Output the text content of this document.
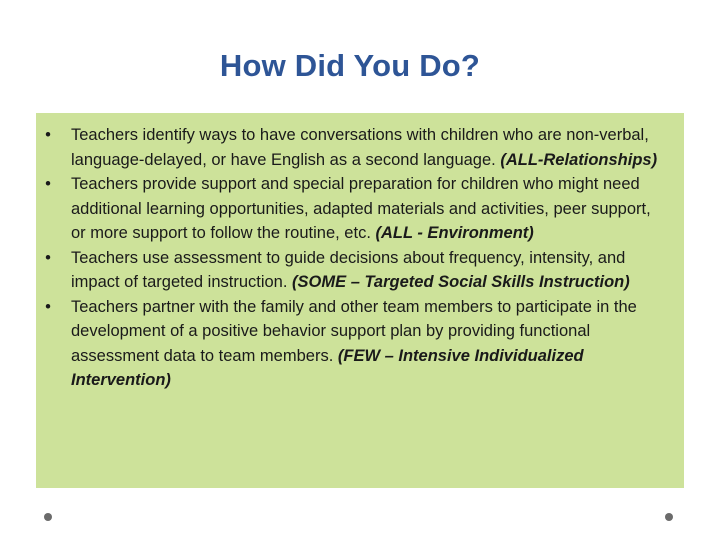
How Did You Do?
• Teachers identify ways to have conversations with children who are non-verbal, language-delayed, or have English as a second language. (ALL-Relationships)
• Teachers provide support and special preparation for children who might need additional learning opportunities, adapted materials and activities, peer support, or more support to follow the routine, etc. (ALL - Environment)
• Teachers use assessment to guide decisions about frequency, intensity, and impact of targeted instruction. (SOME – Targeted Social Skills Instruction)
• Teachers partner with the family and other team members to participate in the development of a positive behavior support plan by providing functional assessment data to team members. (FEW – Intensive Individualized Intervention)
